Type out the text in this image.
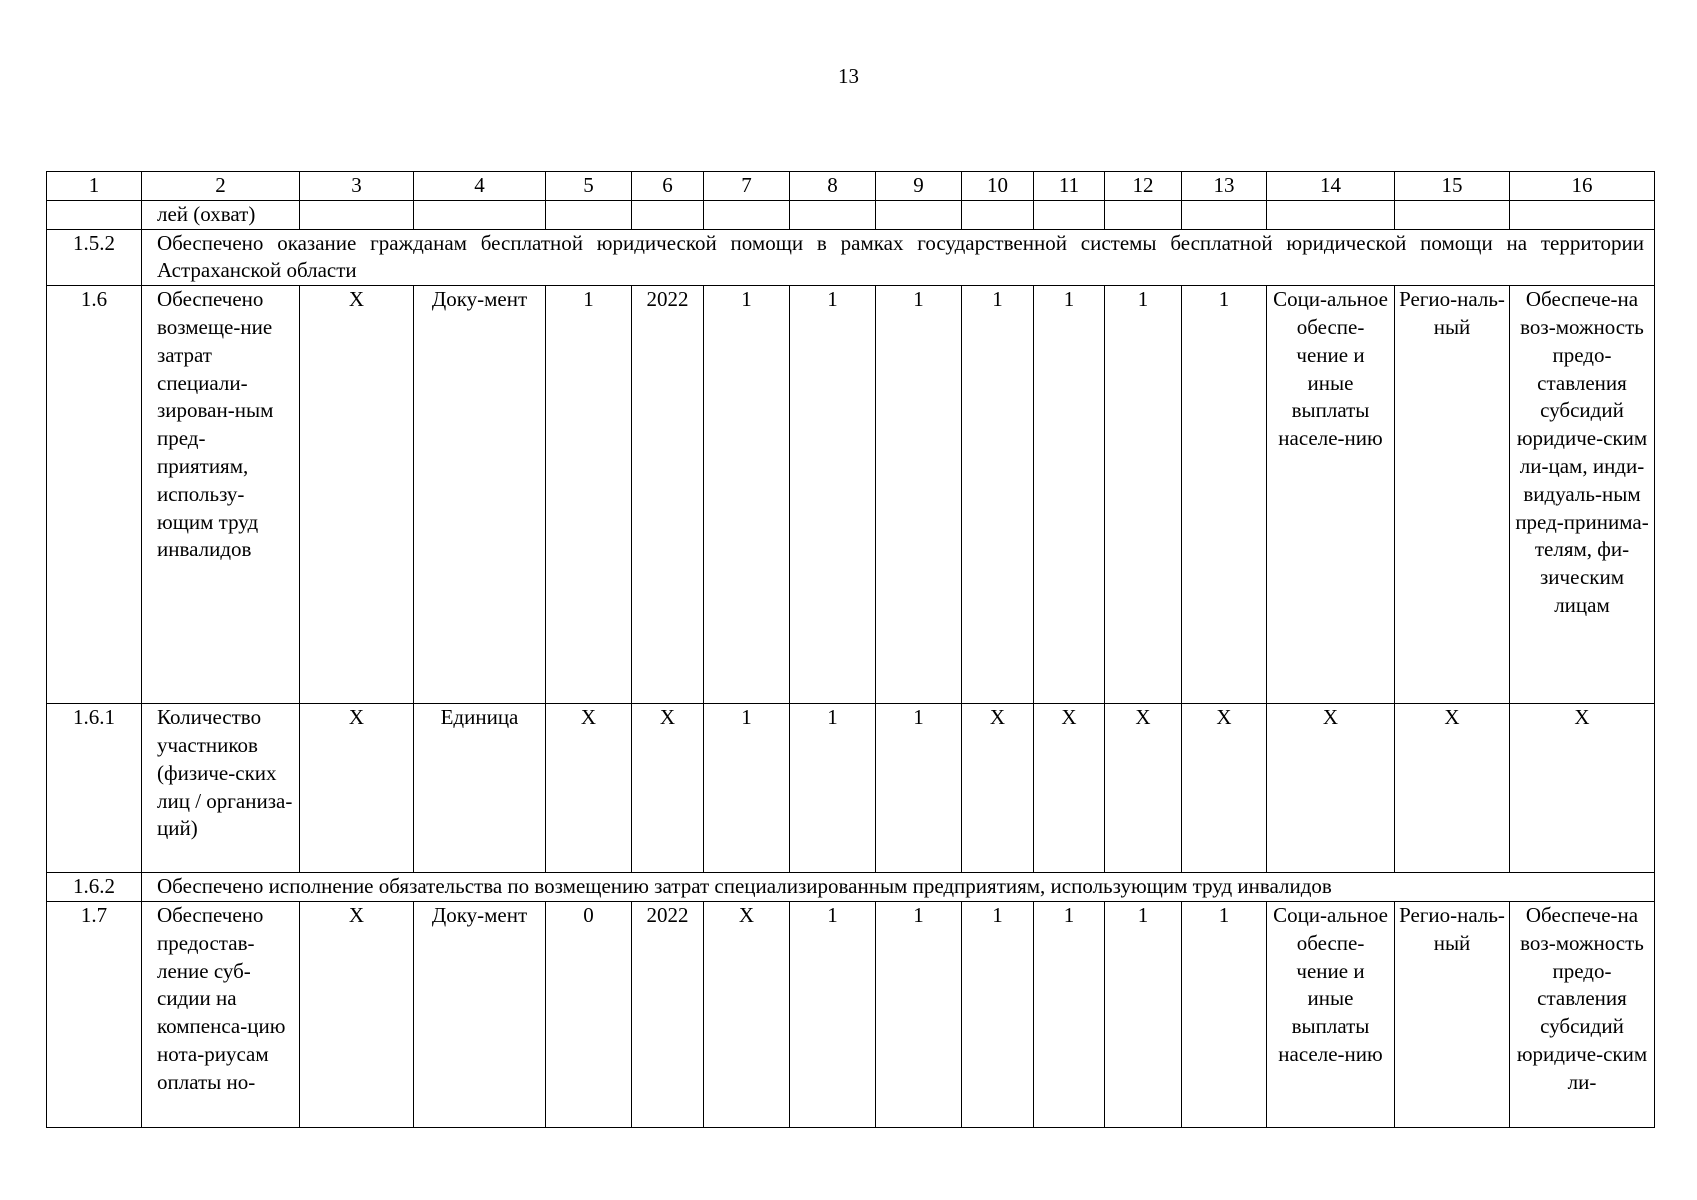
13
1	2	3	4	5	6	7	8	9	10	11	12	13	14	15	16
	лей (охват)														
1.5.2	Обеспечено оказание гражданам бесплатной юридической помощи в рамках государственной системы бесплатной юридической помощи на территории Астраханской области														
1.6	Обеспечено возмеще-ние затрат специали-зирован-ным пред-приятиям, использу-ющим труд инвалидов	Х	Доку-мент	1	2022	1	1	1	1	1	1	1	Соци-альное обеспе-чение и иные выплаты населе-нию	Регио-наль-ный	Обеспече-на воз-можность предо-ставления субсидий юридиче-ским ли-цам, инди-видуаль-ным пред-принима-телям, фи-зическим лицам
1.6.1	Количество участников (физиче-ских лиц / организа-ций)	Х	Единица	Х	Х	1	1	1	Х	Х	Х	Х	Х	Х	Х
1.6.2	Обеспечено исполнение обязательства по возмещению затрат специализированным предприятиям, использующим труд инвалидов														
1.7	Обеспечено предостав-ление суб-сидии на компенса-цию нота-риусам оплаты но-	Х	Доку-мент	0	2022	Х	1	1	1	1	1	1	Соци-альное обеспе-чение и иные выплаты населе-нию	Регио-наль-ный	Обеспече-на воз-можность предо-ставления субсидий юридиче-ским ли-
